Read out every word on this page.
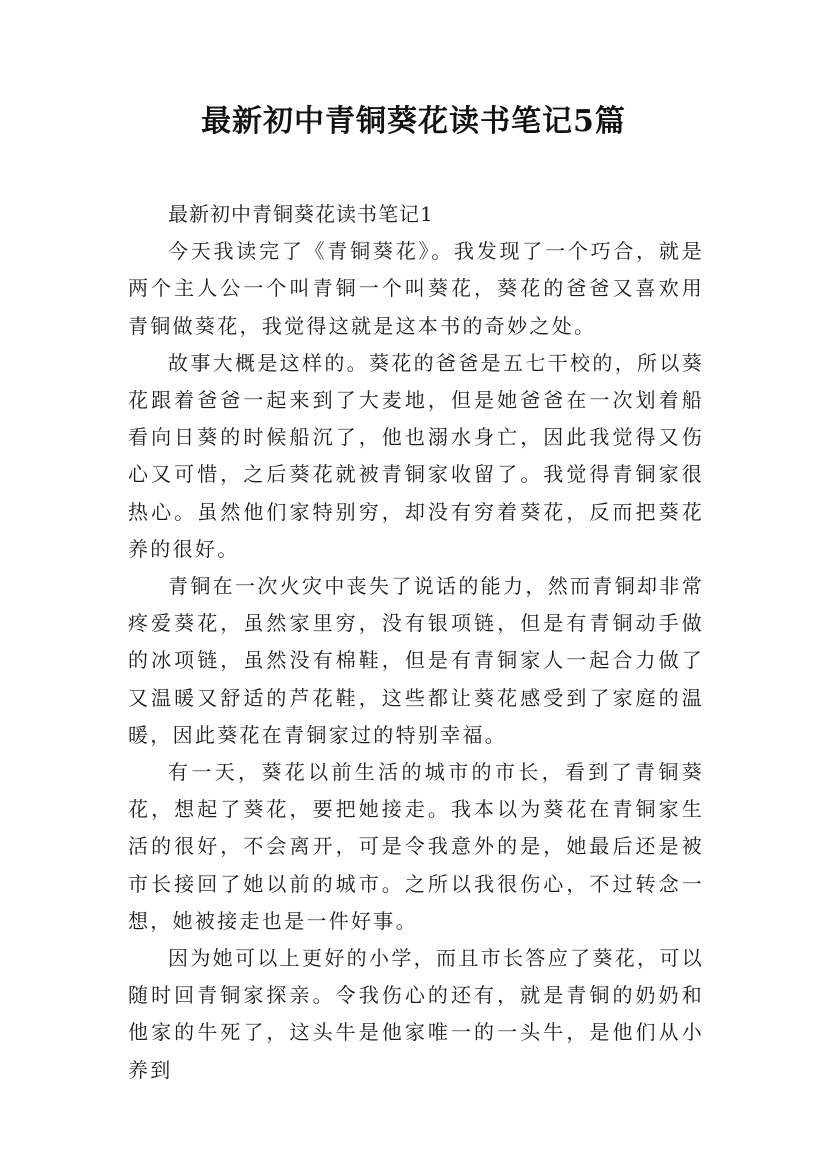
最新初中青铜葵花读书笔记5篇

最新初中青铜葵花读书笔记1

今天我读完了《青铜葵花》。我发现了一个巧合，就是两个主人公一个叫青铜一个叫葵花，葵花的爸爸又喜欢用青铜做葵花，我觉得这就是这本书的奇妙之处。

故事大概是这样的。葵花的爸爸是五七干校的，所以葵花跟着爸爸一起来到了大麦地，但是她爸爸在一次划着船看向日葵的时候船沉了，他也溺水身亡，因此我觉得又伤心又可惜，之后葵花就被青铜家收留了。我觉得青铜家很热心。虽然他们家特别穷，却没有穷着葵花，反而把葵花养的很好。

青铜在一次火灾中丧失了说话的能力，然而青铜却非常疼爱葵花，虽然家里穷，没有银项链，但是有青铜动手做的冰项链，虽然没有棉鞋，但是有青铜家人一起合力做了又温暖又舒适的芦花鞋，这些都让葵花感受到了家庭的温暖，因此葵花在青铜家过的特别幸福。

有一天，葵花以前生活的城市的市长，看到了青铜葵花，想起了葵花，要把她接走。我本以为葵花在青铜家生活的很好，不会离开，可是令我意外的是，她最后还是被市长接回了她以前的城市。之所以我很伤心，不过转念一想，她被接走也是一件好事。

因为她可以上更好的小学，而且市长答应了葵花，可以随时回青铜家探亲。令我伤心的还有，就是青铜的奶奶和他家的牛死了，这头牛是他家唯一的一头牛，是他们从小养到
